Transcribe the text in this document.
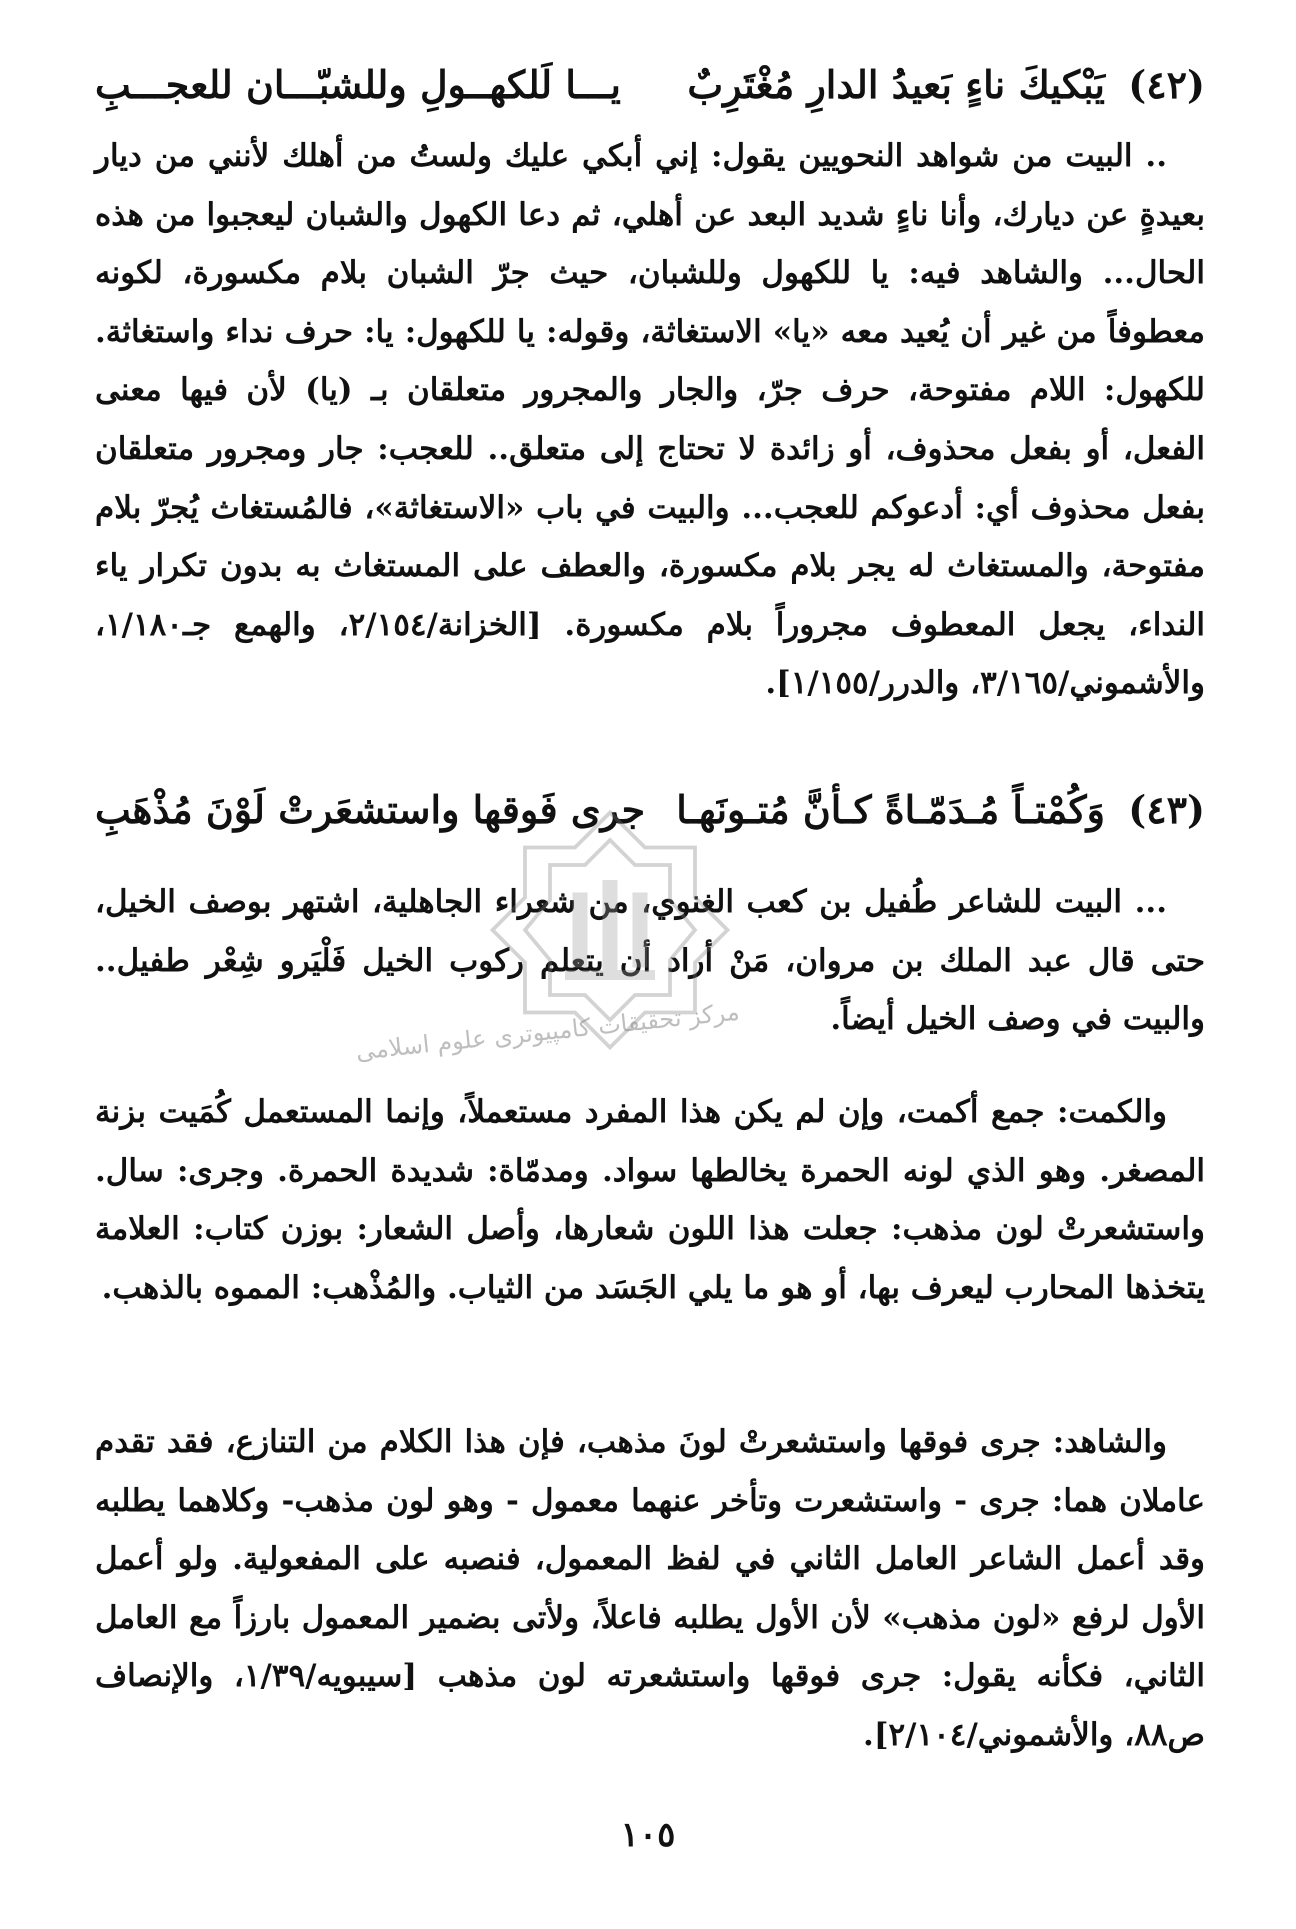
(٤٢)
يَبْكيكَ ناءٍ بَعيدُ الدارِ مُغْتَرِبٌ
يـــا لَلكهــولِ وللشبّـــان للعجـــبِ

.. البيت من شواهد النحويين يقول: إني أبكي عليك ولستُ من أهلك لأنني من ديار بعيدةٍ عن ديارك، وأنا ناءٍ شديد البعد عن أهلي، ثم دعا الكهول والشبان ليعجبوا من هذه الحال... والشاهد فيه: يا للكهول وللشبان، حيث جرّ الشبان بلام مكسورة، لكونه معطوفاً من غير أن يُعيد معه «يا» الاستغاثة، وقوله: يا للكهول: يا: حرف نداء واستغاثة. للكهول: اللام مفتوحة، حرف جرّ، والجار والمجرور متعلقان بـ (يا) لأن فيها معنى الفعل، أو بفعل محذوف، أو زائدة لا تحتاج إلى متعلق.. للعجب: جار ومجرور متعلقان بفعل محذوف أي: أدعوكم للعجب... والبيت في باب «الاستغاثة»، فالمُستغاث يُجرّ بلام مفتوحة، والمستغاث له يجر بلام مكسورة، والعطف على المستغاث به بدون تكرار ياء النداء، يجعل المعطوف مجروراً بلام مكسورة. [الخزانة/٢/١٥٤، والهمع جـ١/١٨٠، والأشموني/٣/١٦٥، والدرر/١/١٥٥].

(٤٣)
وَكُمْتـاً مُـدَمّـاةً كـأنَّ مُتـونَهـا
جرى فَوقها واستشعَرتْ لَوْنَ مُذْهَبِ

... البيت للشاعر طُفيل بن كعب الغنوي، من شعراء الجاهلية، اشتهر بوصف الخيل، حتى قال عبد الملك بن مروان، مَنْ أراد أن يتعلم ركوب الخيل فَلْيَرو شِعْر طفيل.. والبيت في وصف الخيل أيضاً.

والكمت: جمع أكمت، وإن لم يكن هذا المفرد مستعملاً، وإنما المستعمل كُمَيت بزنة المصغر. وهو الذي لونه الحمرة يخالطها سواد. ومدمّاة: شديدة الحمرة. وجرى: سال. واستشعرتْ لون مذهب: جعلت هذا اللون شعارها، وأصل الشعار: بوزن كتاب: العلامة يتخذها المحارب ليعرف بها، أو هو ما يلي الجَسَد من الثياب. والمُذْهب: المموه بالذهب.

والشاهد: جرى فوقها واستشعرتْ لونَ مذهب، فإن هذا الكلام من التنازع، فقد تقدم عاملان هما: جرى - واستشعرت وتأخر عنهما معمول - وهو لون مذهب- وكلاهما يطلبه وقد أعمل الشاعر العامل الثاني في لفظ المعمول، فنصبه على المفعولية. ولو أعمل الأول لرفع «لون مذهب» لأن الأول يطلبه فاعلاً، ولأتى بضمير المعمول بارزاً مع العامل الثاني، فكأنه يقول: جرى فوقها واستشعرته لون مذهب [سيبويه/١/٣٩، والإنصاف ص٨٨، والأشموني/٢/١٠٤].

١٠٥
مرکز تحقیقات کامپیوتری علوم اسلامی
